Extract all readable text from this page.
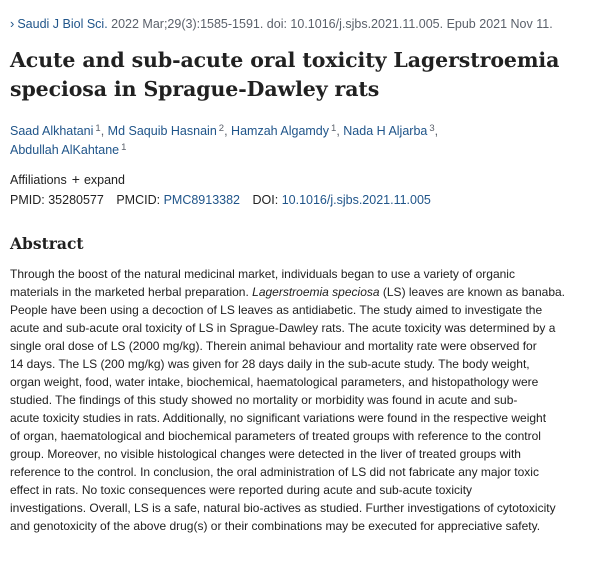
› Saudi J Biol Sci. 2022 Mar;29(3):1585-1591. doi: 10.1016/j.sjbs.2021.11.005. Epub 2021 Nov 11.
Acute and sub-acute oral toxicity Lagerstroemia
speciosa in Sprague-Dawley rats
Saad Alkhatani $^1$, Md Saquib Hasnain $^2$, Hamzah Algamdy $^1$, Nada H Aljarba $^3$,
Abdullah AlKahtane $^1$
Affiliations + expand
PMID: 35280577 PMCID: PMC8913382 DOI: 10.1016/j.sjbs.2021.11.005
Abstract

Through the boost of the natural medicinal market, individuals began to use a variety of organic
materials in the marketed herbal preparation. Lagerstroemia speciosa (LS) leaves are known as banaba.
People have been using a decoction of LS leaves as antidiabetic. The study aimed to investigate the
acute and sub-acute oral toxicity of LS in Sprague-Dawley rats. The acute toxicity was determined by a
single oral dose of LS (2000 mg/kg). Therein animal behaviour and mortality rate were observed for
14 days. The LS (200 mg/kg) was given for 28 days daily in the sub-acute study. The body weight,
organ weight, food, water intake, biochemical, haematological parameters, and histopathology were
studied. The findings of this study showed no mortality or morbidity was found in acute and sub-
acute toxicity studies in rats. Additionally, no significant variations were found in the respective weight
of organ, haematological and biochemical parameters of treated groups with reference to the control
group. Moreover, no visible histological changes were detected in the liver of treated groups with
reference to the control. In conclusion, the oral administration of LS did not fabricate any major toxic
effect in rats. No toxic consequences were reported during acute and sub-acute toxicity
investigations. Overall, LS is a safe, natural bio-actives as studied. Further investigations of cytotoxicity
and genotoxicity of the above drug(s) or their combinations may be executed for appreciative safety.
